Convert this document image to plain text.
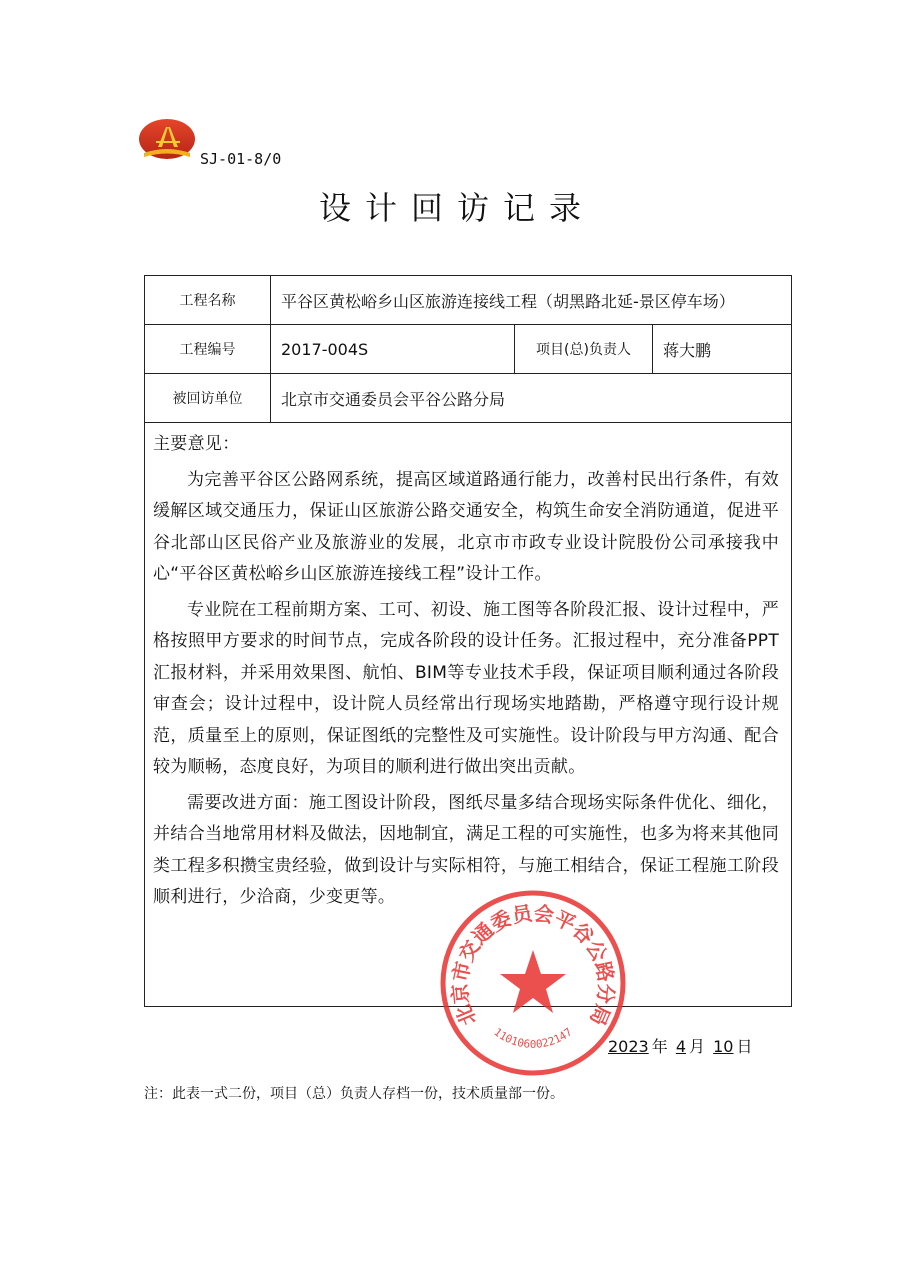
SJ-01-8/0
设计回访记录
工程名称	平谷区黄松峪乡山区旅游连接线工程（胡黑路北延-景区停车场）		
工程编号	2017-004S	项目(总)负责人	蒋大鹏
被回访单位	北京市交通委员会平谷公路分局		

主要意见：

为完善平谷区公路网系统，提高区域道路通行能力，改善村民出行条件，有效缓解区域交通压力，保证山区旅游公路交通安全，构筑生命安全消防通道，促进平谷北部山区民俗产业及旅游业的发展，北京市市政专业设计院股份公司承接我中心“平谷区黄松峪乡山区旅游连接线工程”设计工作。

专业院在工程前期方案、工可、初设、施工图等各阶段汇报、设计过程中，严格按照甲方要求的时间节点，完成各阶段的设计任务。汇报过程中，充分准备PPT汇报材料，并采用效果图、航怕、BIM等专业技术手段，保证项目顺利通过各阶段审查会；设计过程中，设计院人员经常出行现场实地踏勘，严格遵守现行设计规范，质量至上的原则，保证图纸的完整性及可实施性。设计阶段与甲方沟通、配合较为顺畅，态度良好，为项目的顺利进行做出突出贡献。

需要改进方面：施工图设计阶段，图纸尽量多结合现场实际条件优化、细化，并结合当地常用材料及做法，因地制宜，满足工程的可实施性，也多为将来其他同类工程多积攒宝贵经验，做到设计与实际相符，与施工相结合，保证工程施工阶段顺利进行，少洽商，少变更等。			

北京市交通委员会平谷公路分局
1101060022147
2023 年 4 月 10 日
注：此表一式二份，项目（总）负责人存档一份，技术质量部一份。
